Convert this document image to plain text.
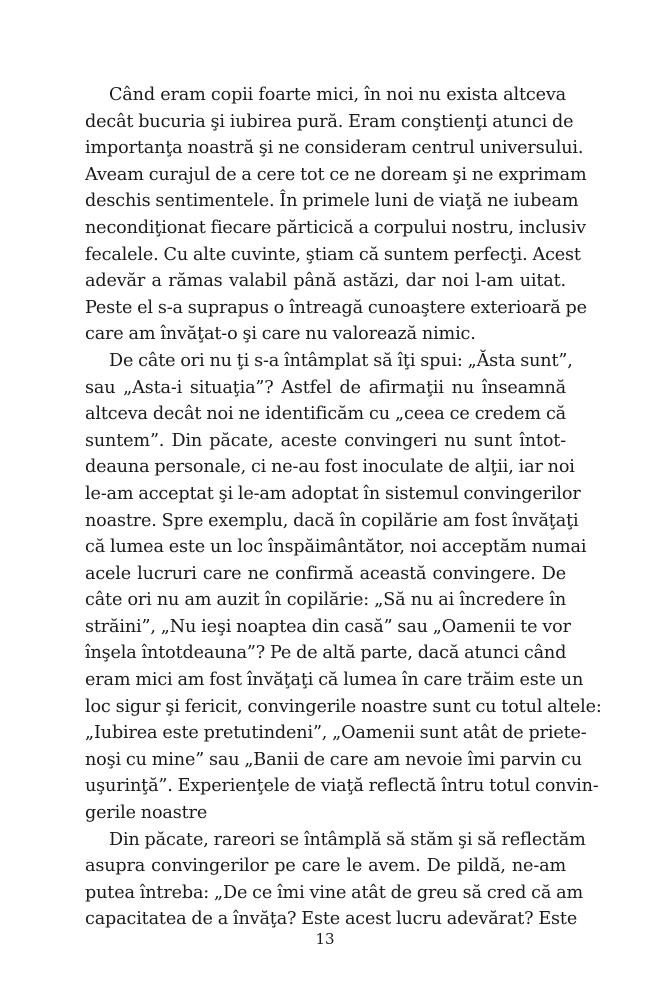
Când eram copii foarte mici, în noi nu exista altceva
decât bucuria şi iubirea pură. Eram conştienţi atunci de
importanţa noastră şi ne consideram centrul universului.
Aveam curajul de a cere tot ce ne doream şi ne exprimam
deschis sentimentele. În primele luni de viaţă ne iubeam
necondiţionat fiecare părticică a corpului nostru, inclusiv
fecalele. Cu alte cuvinte, ştiam că suntem perfecţi. Acest
adevăr a rămas valabil până astăzi, dar noi l-am uitat.
Peste el s-a suprapus o întreagă cunoaştere exterioară pe
care am învăţat-o şi care nu valorează nimic.
De câte ori nu ţi s-a întâmplat să îţi spui: „Ăsta sunt”,
sau „Asta-i situaţia”? Astfel de afirmaţii nu înseamnă
altceva decât noi ne identificăm cu „ceea ce credem că
suntem”. Din păcate, aceste convingeri nu sunt întot-
deauna personale, ci ne-au fost inoculate de alţii, iar noi
le-am acceptat şi le-am adoptat în sistemul convingerilor
noastre. Spre exemplu, dacă în copilărie am fost învăţaţi
că lumea este un loc înspăimântător, noi acceptăm numai
acele lucruri care ne confirmă această convingere. De
câte ori nu am auzit în copilărie: „Să nu ai încredere în
străini”, „Nu ieşi noaptea din casă” sau „Oamenii te vor
înşela întotdeauna”? Pe de altă parte, dacă atunci când
eram mici am fost învăţaţi că lumea în care trăim este un
loc sigur şi fericit, convingerile noastre sunt cu totul altele:
„Iubirea este pretutindeni”, „Oamenii sunt atât de priete-
noşi cu mine” sau „Banii de care am nevoie îmi parvin cu
uşurinţă”. Experienţele de viaţă reflectă întru totul convin-
gerile noastre
Din păcate, rareori se întâmplă să stăm şi să reflectăm
asupra convingerilor pe care le avem. De pildă, ne-am
putea întreba: „De ce îmi vine atât de greu să cred că am
capacitatea de a învăţa? Este acest lucru adevărat? Este
13
